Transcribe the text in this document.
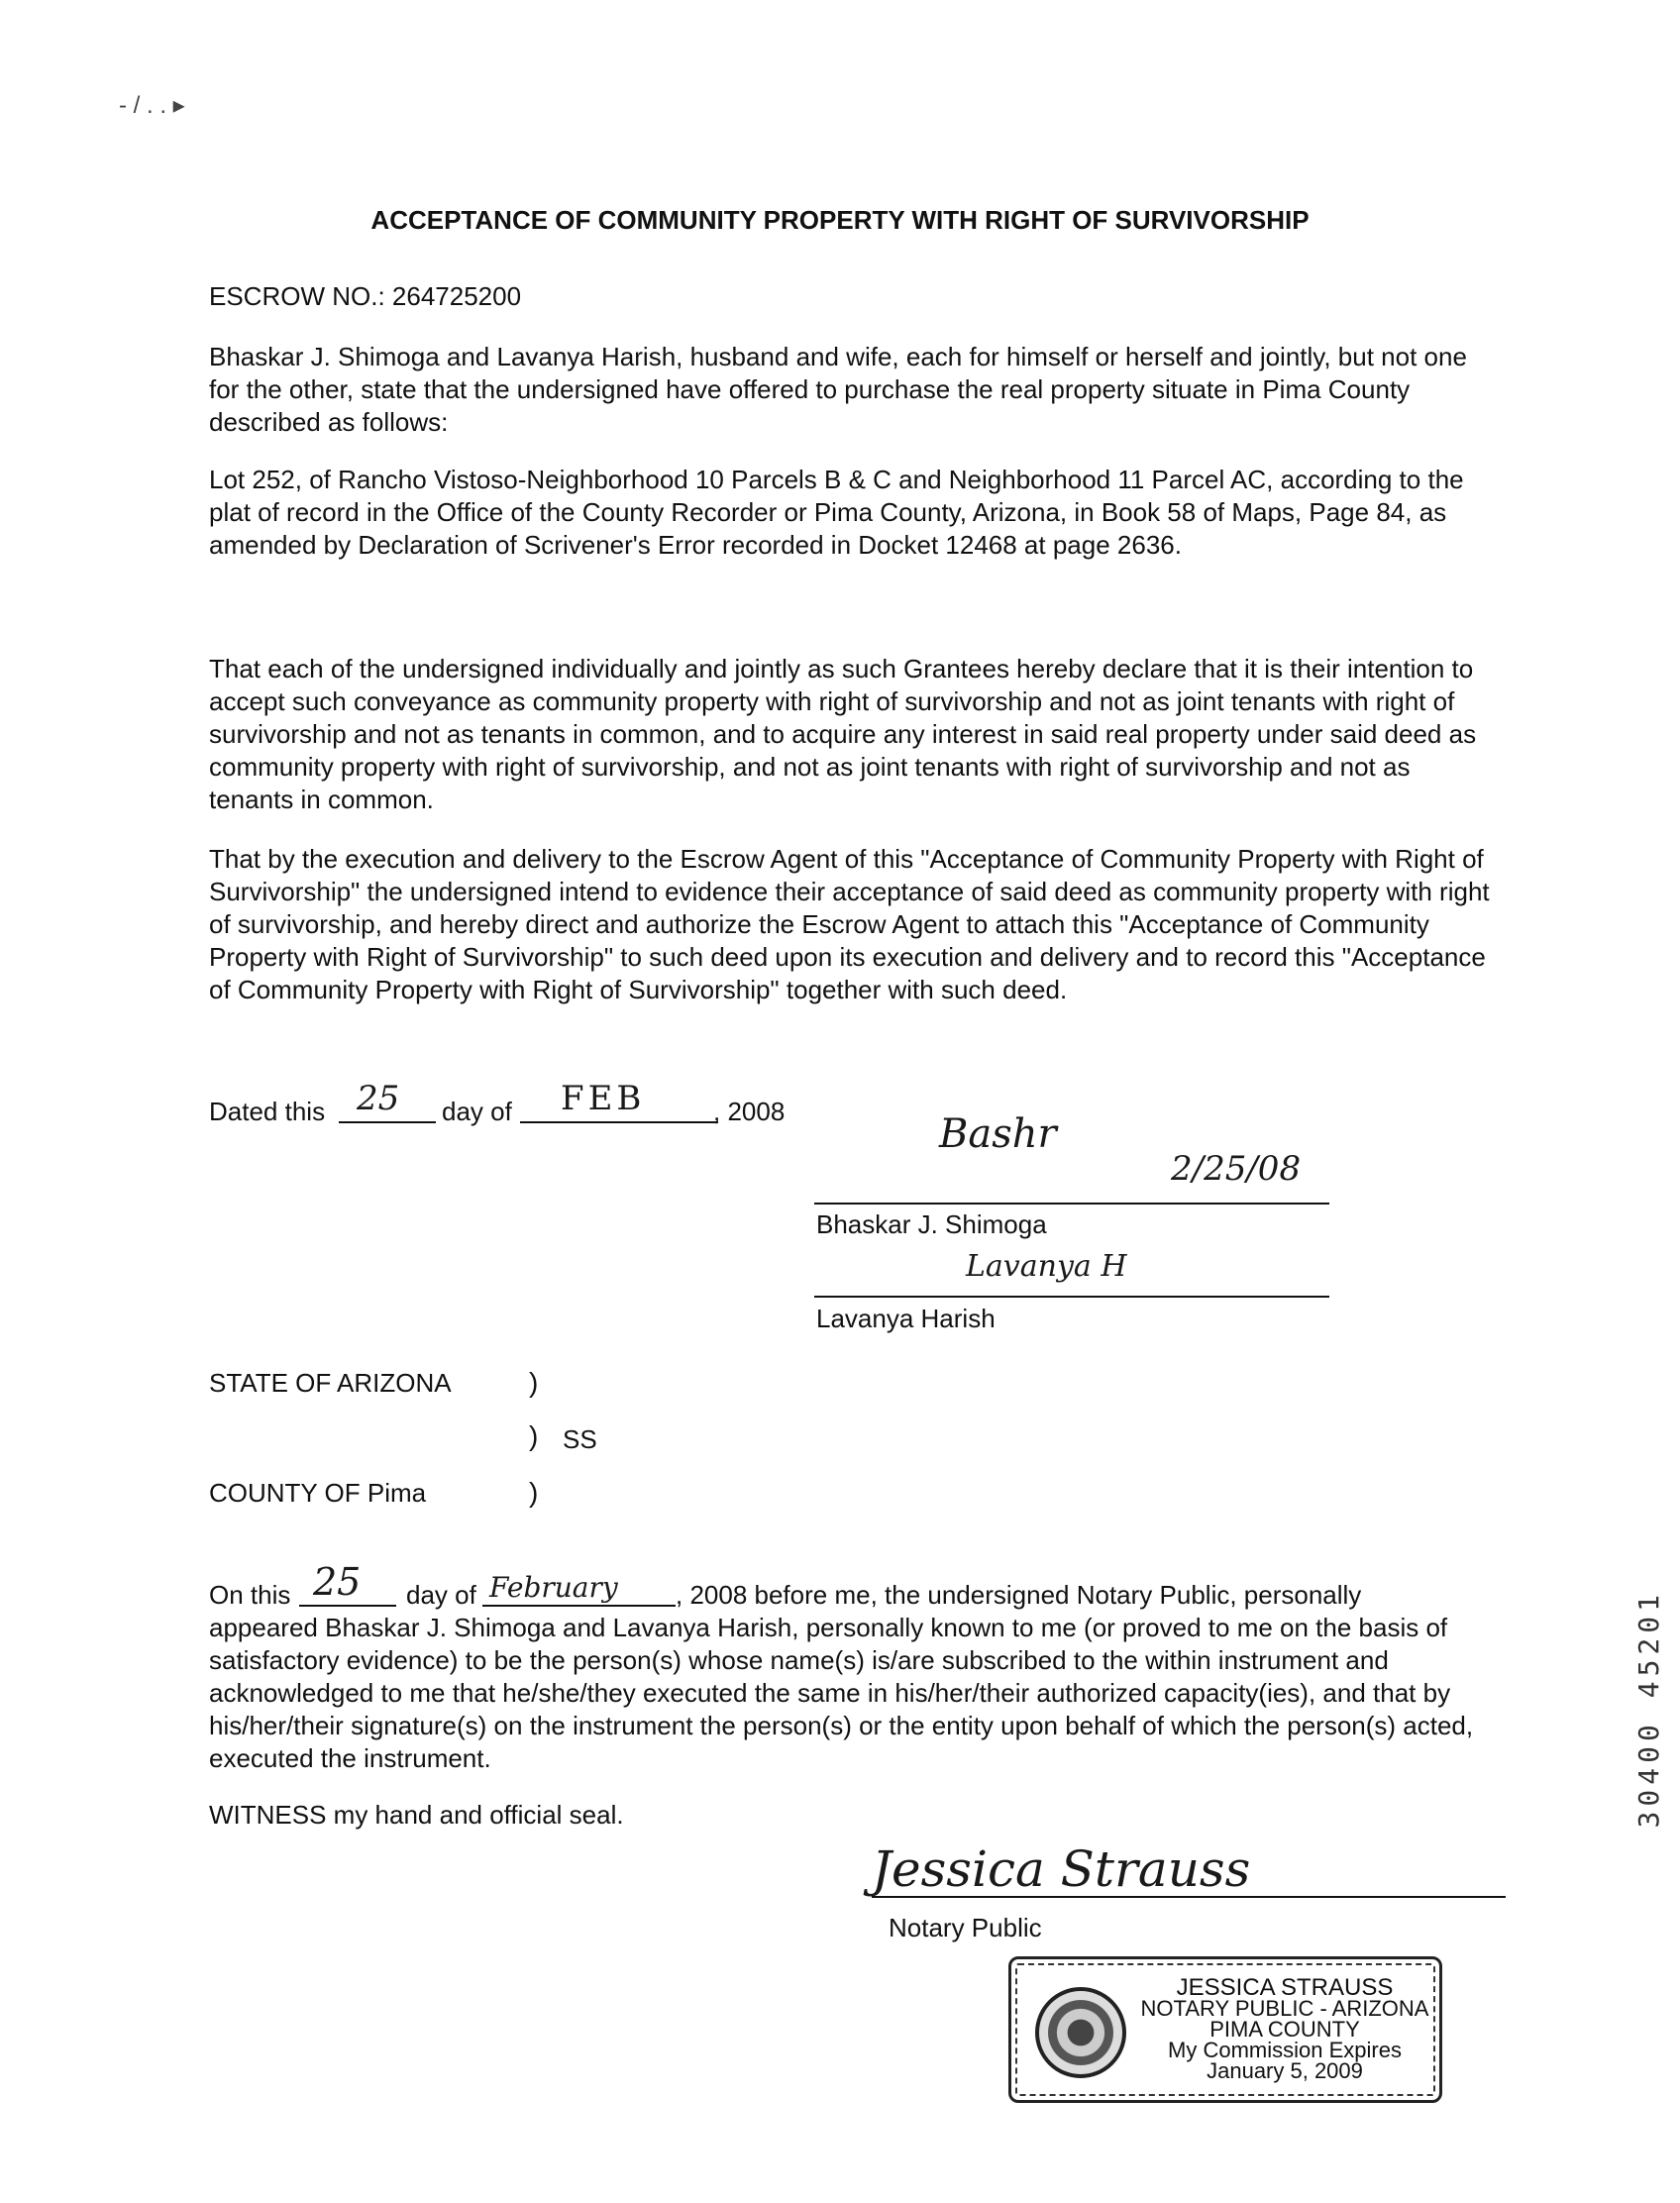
- / . . ▸
ACCEPTANCE OF COMMUNITY PROPERTY WITH RIGHT OF SURVIVORSHIP
ESCROW NO.: 264725200

Bhaskar J. Shimoga and Lavanya Harish, husband and wife, each for himself or herself and jointly, but not one for the other, state that the undersigned have offered to purchase the real property situate in Pima County described as follows:

Lot 252, of Rancho Vistoso-Neighborhood 10 Parcels B & C and Neighborhood 11 Parcel AC, according to the plat of record in the Office of the County Recorder or Pima County, Arizona, in Book 58 of Maps, Page 84, as amended by Declaration of Scrivener's Error recorded in Docket 12468 at page 2636.

That each of the undersigned individually and jointly as such Grantees hereby declare that it is their intention to accept such conveyance as community property with right of survivorship and not as joint tenants with right of survivorship and not as tenants in common, and to acquire any interest in said real property under said deed as community property with right of survivorship, and not as joint tenants with right of survivorship and not as tenants in common.

That by the execution and delivery to the Escrow Agent of this "Acceptance of Community Property with Right of Survivorship" the undersigned intend to evidence their acceptance of said deed as community property with right of survivorship, and hereby direct and authorize the Escrow Agent to attach this "Acceptance of Community Property with Right of Survivorship" to such deed upon its execution and delivery and to record this "Acceptance of Community Property with Right of Survivorship" together with such deed.

Dated this 25 day of FEB	, 2008	Bashr
2/25/08
Bhaskar J. Shimoga
Lavanya H
Lavanya Harish
STATE OF ARIZONA	)
) SS
COUNTY OF Pima	)
On this 25 day of February , 2008 before me, the undersigned Notary Public, personally

appeared Bhaskar J. Shimoga and Lavanya Harish, personally known to me (or proved to me on the basis of satisfactory evidence) to be the person(s) whose name(s) is/are subscribed to the within instrument and acknowledged to me that he/she/they executed the same in his/her/their authorized capacity(ies), and that by his/her/their signature(s) on the instrument the person(s) or the entity upon behalf of which the person(s) acted, executed the instrument.

WITNESS my hand and official seal.
Jessica Strauss
Notary Public
JESSICA STRAUSS
NOTARY PUBLIC - ARIZONA
PIMA COUNTY
My Commission Expires
January 5, 2009
30400 45201
